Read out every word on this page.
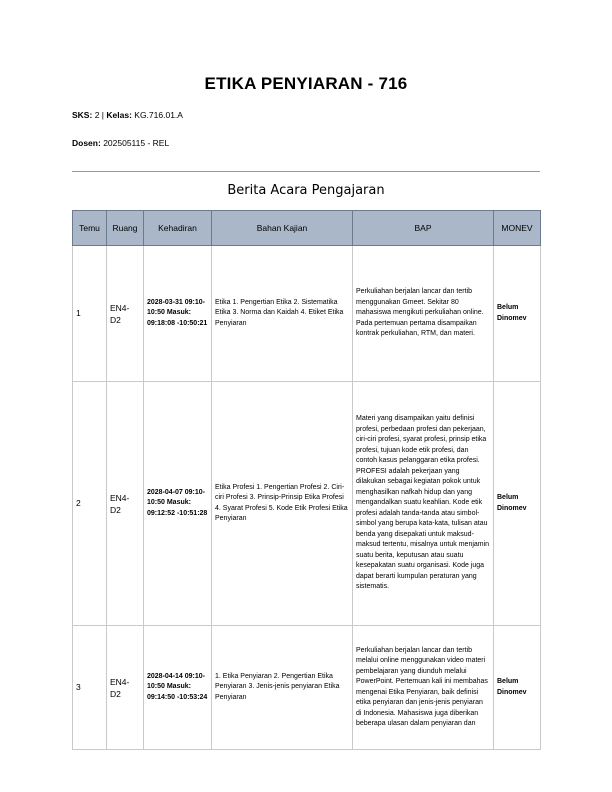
ETIKA PENYIARAN - 716
SKS: 2 | Kelas: KG.716.01.A
Dosen: 202505115 - REL
Berita Acara Pengajaran
Temu	Ruang	Kehadiran	Bahan Kajian	BAP	MONEV
1	EN4-D2	2028-03-31 09:10-10:50 Masuk: 09:18:08 -10:50:21	Etika 1. Pengertian Etika 2. Sistematika Etika 3. Norma dan Kaidah 4. Etiket Etika Penyiaran	Perkuliahan berjalan lancar dan tertib menggunakan Gmeet. Sekitar 80 mahasiswa mengikuti perkuliahan online. Pada pertemuan pertama disampaikan kontrak perkuliahan, RTM, dan materi.	Belum Dinomev
2	EN4-D2	2028-04-07 09:10-10:50 Masuk: 09:12:52 -10:51:28	Etika Profesi 1. Pengertian Profesi 2. Ciri-ciri Profesi 3. Prinsip-Prinsip Etika Profesi 4. Syarat Profesi 5. Kode Etik Profesi Etika Penyiaran	Materi yang disampaikan yaitu definisi profesi, perbedaan profesi dan pekerjaan, ciri-ciri profesi, syarat profesi, prinsip etika profesi, tujuan kode etik profesi, dan contoh kasus pelanggaran etika profesi. PROFESI adalah pekerjaan yang dilakukan sebagai kegiatan pokok untuk menghasilkan nafkah hidup dan yang mengandalkan suatu keahlian. Kode etik profesi adalah tanda-tanda atau simbol-simbol yang berupa kata-kata, tulisan atau benda yang disepakati untuk maksud-maksud tertentu, misalnya untuk menjamin suatu berita, keputusan atau suatu kesepakatan suatu organisasi. Kode juga dapat berarti kumpulan peraturan yang sistematis.	Belum Dinomev
3	EN4-D2	2028-04-14 09:10-10:50 Masuk: 09:14:50 -10:53:24	1. Etika Penyiaran 2. Pengertian Etika Penyiaran 3. Jenis-jenis penyiaran Etika Penyiaran	Perkuliahan berjalan lancar dan tertib melalui online menggunakan video materi pembelajaran yang diunduh melalui PowerPoint. Pertemuan kali ini membahas mengenai Etika Penyiaran, baik definisi etika penyiaran dan jenis-jenis penyiaran di Indonesia. Mahasiswa juga diberikan beberapa ulasan dalam penyiaran dan	Belum Dinomev
